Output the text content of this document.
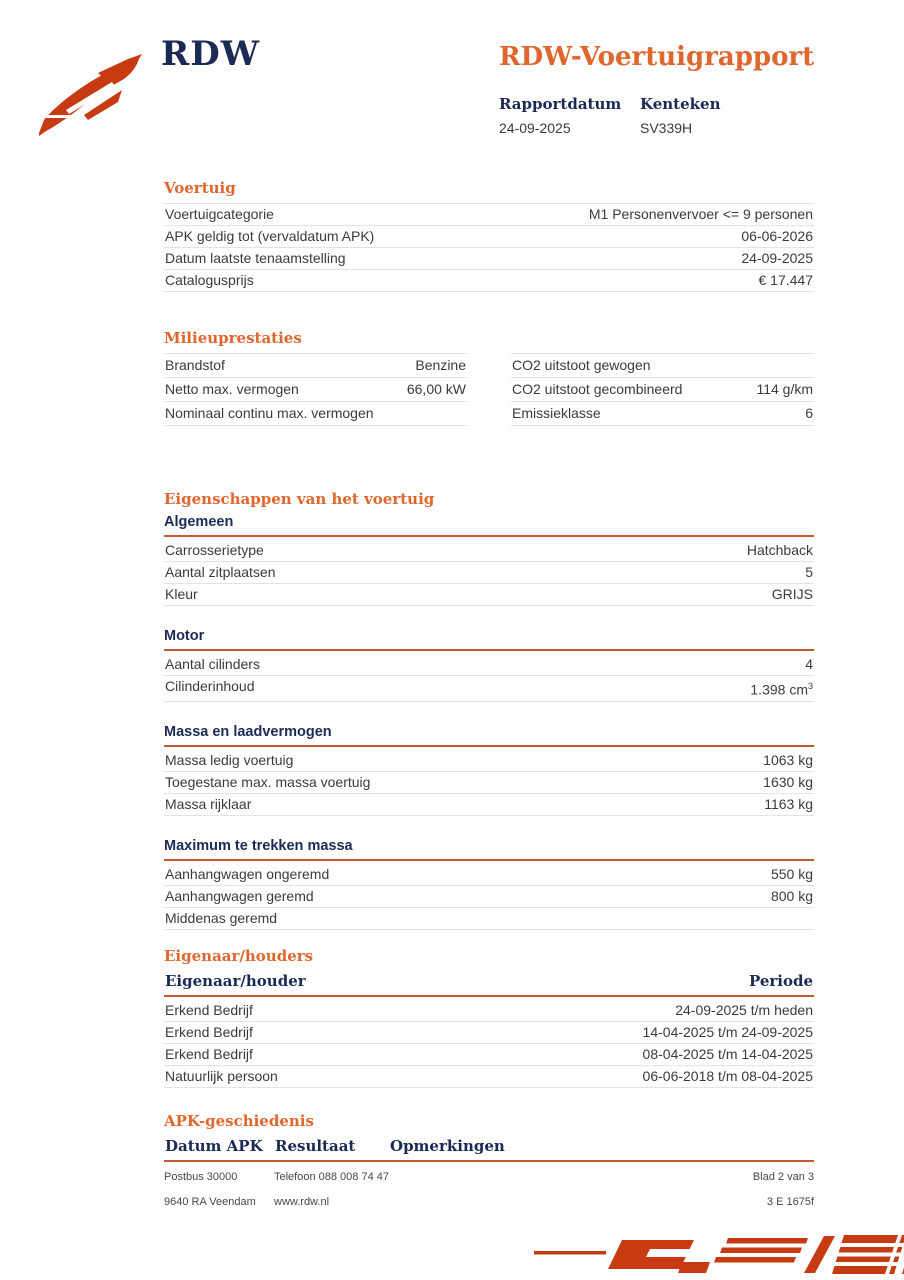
RDW	RDW-Voertuigrapport
Rapportdatum
24-09-2025
Kenteken
SV339H
Voertuig
Voertuigcategorie	M1 Personenvervoer <= 9 personen
APK geldig tot (vervaldatum APK)	06-06-2026
Datum laatste tenaamstelling	24-09-2025
Catalogusprijs	€ 17.447
Milieuprestaties
Brandstof	Benzine
Netto max. vermogen	66,00 kW
Nominaal continu max. vermogen
CO2 uitstoot gewogen
CO2 uitstoot gecombineerd	114 g/km
Emissieklasse	6
Eigenschappen van het voertuig
Algemeen
Carrosserietype	Hatchback
Aantal zitplaatsen	5
Kleur	GRIJS
Motor
Aantal cilinders	4
Cilinderinhoud	1.398 $cm^3$
Massa en laadvermogen
Massa ledig voertuig	1063 kg
Toegestane max. massa voertuig	1630 kg
Massa rijklaar	1163 kg
Maximum te trekken massa
Aanhangwagen ongeremd	550 kg
Aanhangwagen geremd	800 kg
Middenas geremd
Eigenaar/houders
Eigenaar/houder	Periode
Erkend Bedrijf	24-09-2025 t/m heden
Erkend Bedrijf	14-04-2025 t/m 24-09-2025
Erkend Bedrijf	08-04-2025 t/m 14-04-2025
Natuurlijk persoon	06-06-2018 t/m 08-04-2025
APK-geschiedenis
Datum APK Resultaat	Opmerkingen
Postbus 30000	Telefoon 088 008 74 47	Blad 2 van 3
9640 RA Veendam	www.rdw.nl	3 E 1675f
